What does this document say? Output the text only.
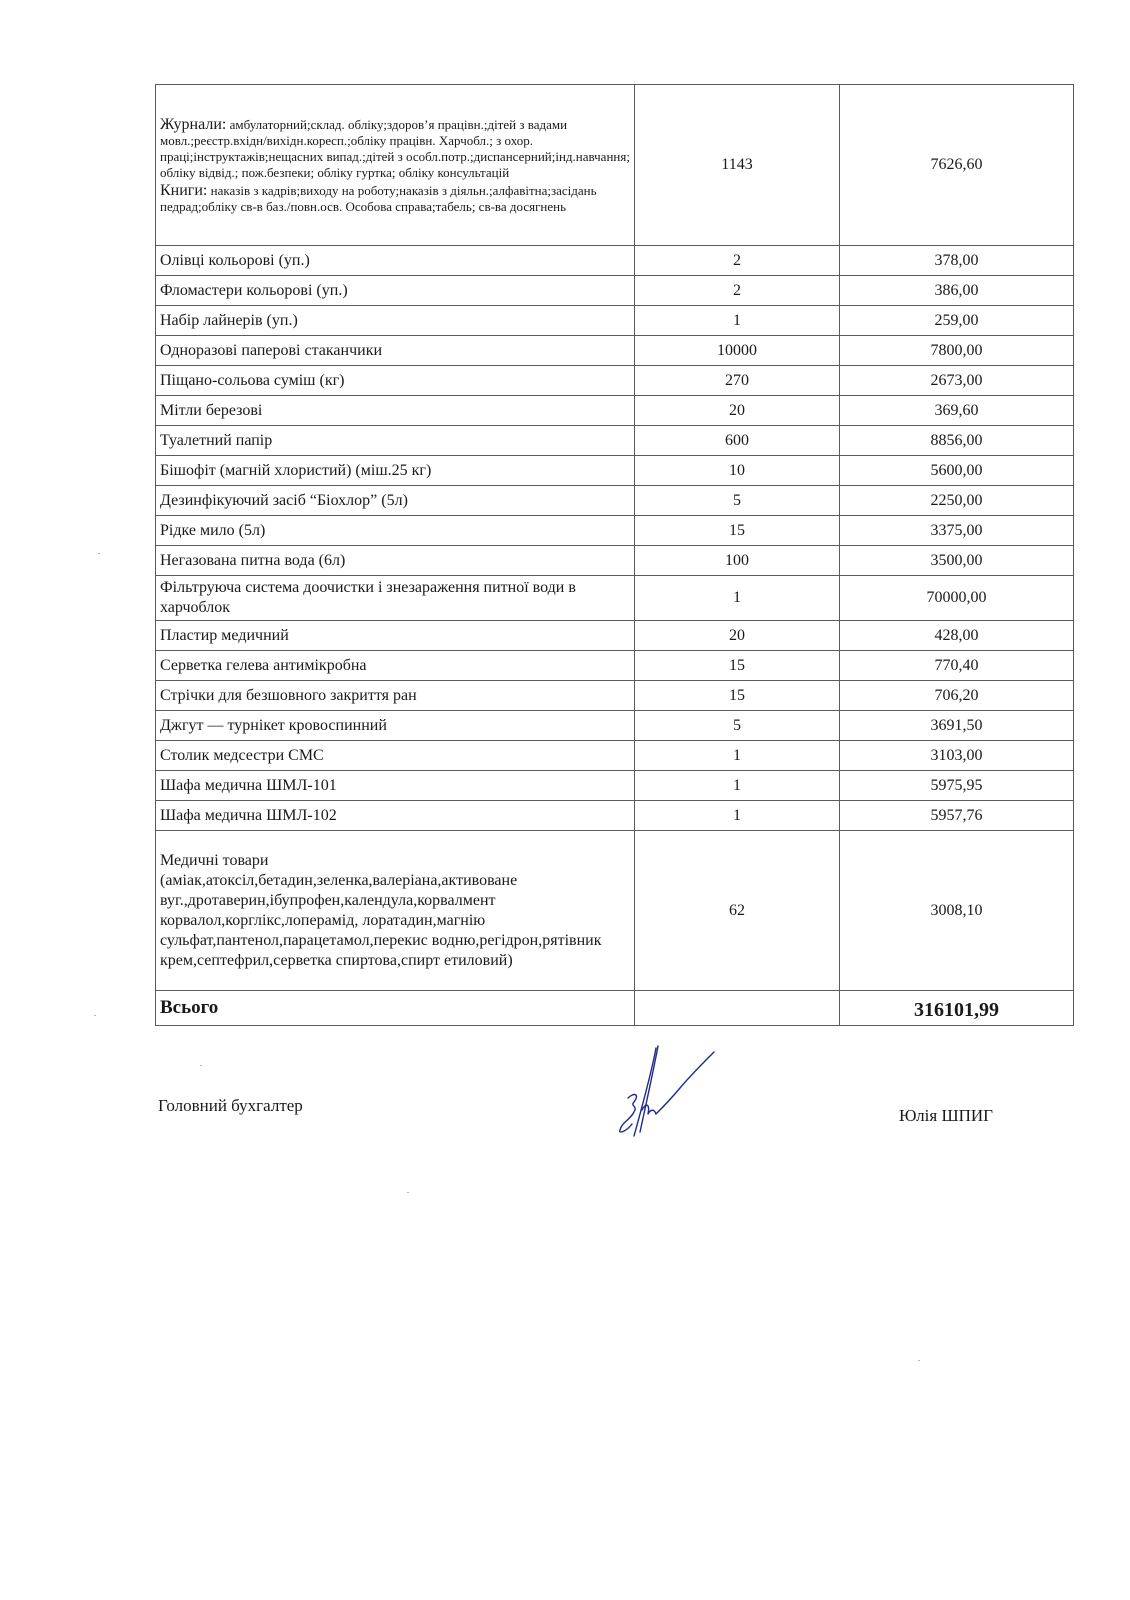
Журнали: амбулаторний;склад. обліку;здоров’я працівн.;дітей з вадами мовл.;реєстр.вхідн/вихідн.кореcп.;обліку працівн. Харчобл.; з охор. праці;інструктажів;нещасних випад.;дітей з особл.потр.;диспансерний;інд.навчання; обліку відвід.; пож.безпеки; обліку гуртка; обліку консультацій

Книги: наказів з кадрів;виходу на роботу;наказів з діяльн.;алфавітна;засідань педрад;обліку св-в баз./повн.осв. Особова справа;табель; св-ва досягнень	1143	7626,60
Олівці кольорові (уп.)	2	378,00
Фломастери кольорові (уп.)	2	386,00
Набір лайнерів (уп.)	1	259,00
Одноразові паперові стаканчики	10000	7800,00
Піщано-сольова суміш (кг)	270	2673,00
Мітли березові	20	369,60
Туалетний папір	600	8856,00
Бішофіт (магній хлористий) (міш.25 кг)	10	5600,00
Дезинфікуючий засіб “Біохлор” (5л)	5	2250,00
Рідке мило (5л)	15	3375,00
Негазована питна вода (6л)	100	3500,00
Фільтруюча система доочистки і знезараження питної води в харчоблок	1	70000,00
Пластир медичний	20	428,00
Серветка гелева антимікробна	15	770,40
Стрічки для безшовного закриття ран	15	706,20
Джгут — турнікет кровоспинний	5	3691,50
Столик медсестри СМС	1	3103,00
Шафа медична ШМЛ-101	1	5975,95
Шафа медична ШМЛ-102	1	5957,76

Медичні товари
(аміак,атоксіл,бетадин,зеленка,валеріана,активоване вуг.,дротаверин,ібупрофен,календула,корвалмент корвалол,корглікс,лоперамід, лоратадин,магнію сульфат,пантенол,парацетамол,перекис водню,регідрон,рятівник крем,септефрил,серветка спиртова,спирт етиловий)	62	3008,10
Всього		316101,99
Головний бухгалтер
Юлія ШПИГ
